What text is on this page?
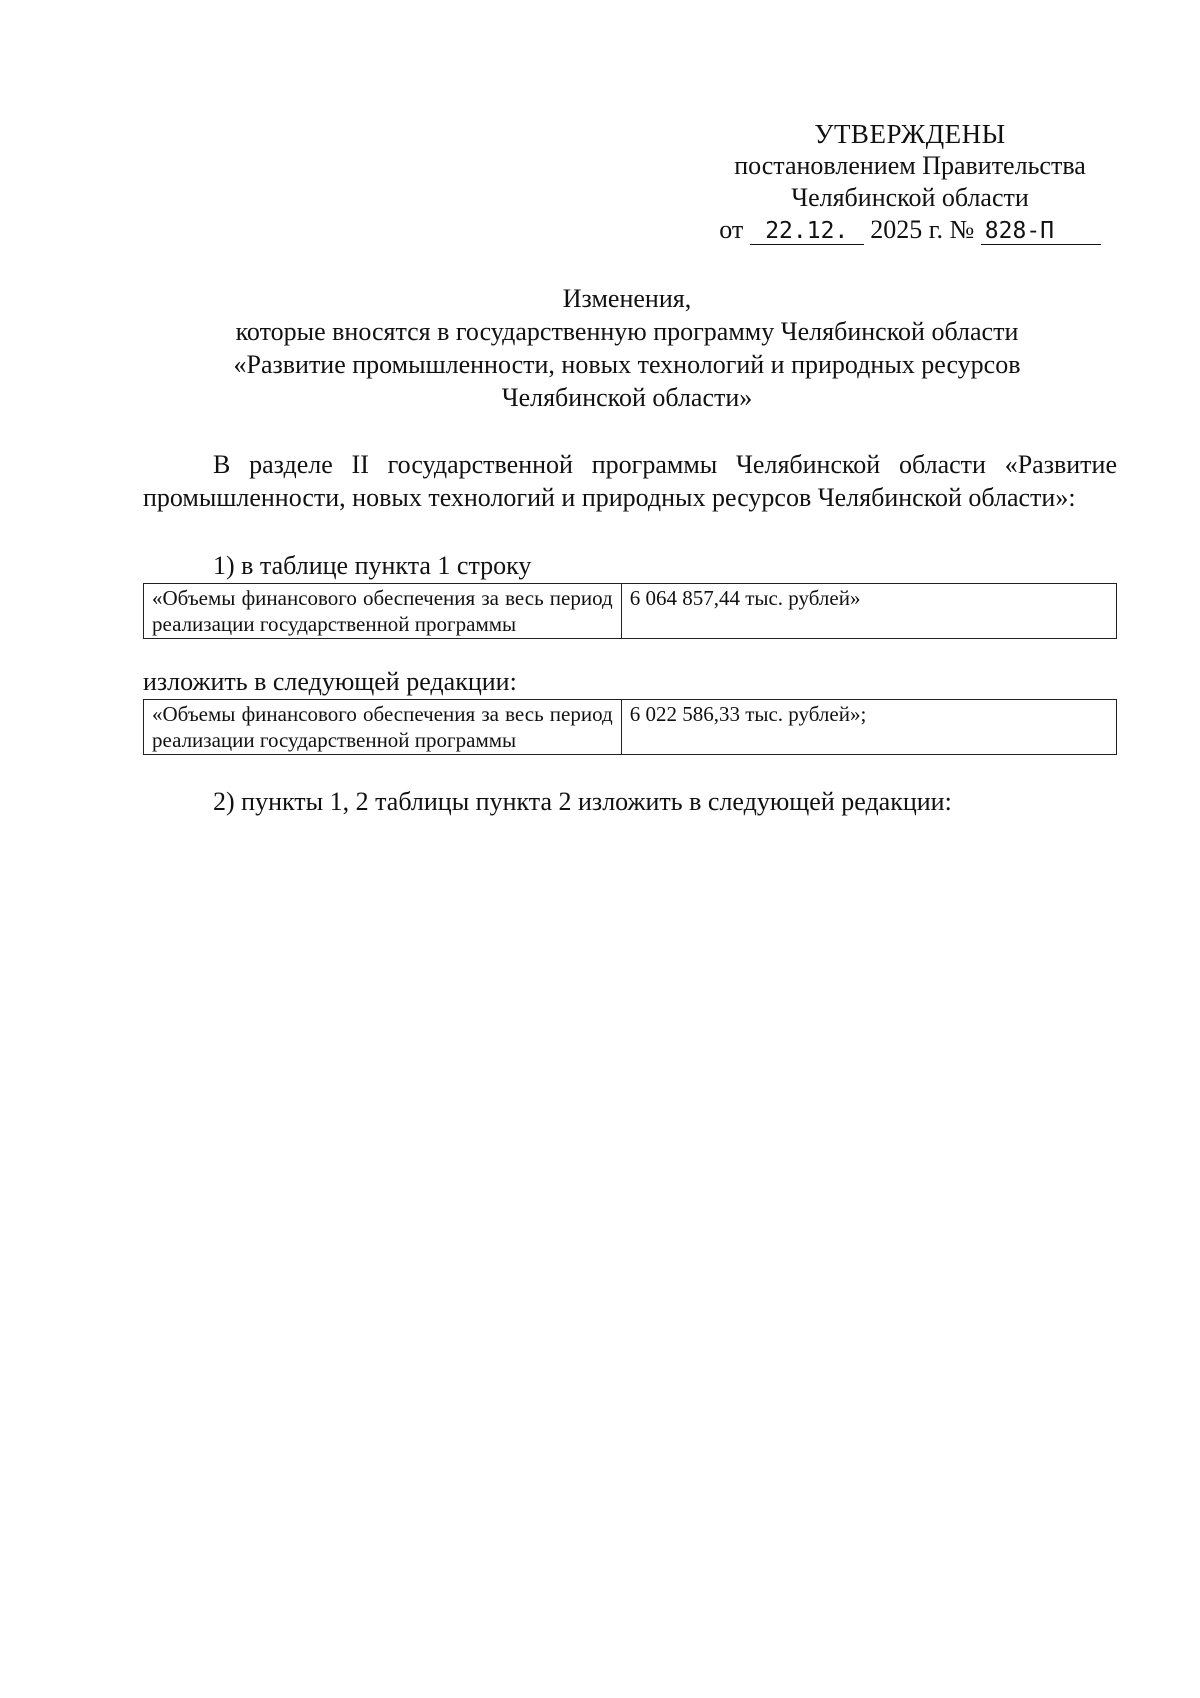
УТВЕРЖДЕНЫ
постановлением Правительства
Челябинской области
от 22.12. 2025 г. № 828-П
Изменения,
которые вносятся в государственную программу Челябинской области
«Развитие промышленности, новых технологий и природных ресурсов
Челябинской области»
В разделе II государственной программы Челябинской области «Развитие промышленности, новых технологий и природных ресурсов Челябинской области»:
1) в таблице пункта 1 строку
«Объемы финансового обеспечения за весь период реализации государственной программы	6 064 857,44 тыс. рублей»
изложить в следующей редакции:
«Объемы финансового обеспечения за весь период реализации государственной программы	6 022 586,33 тыс. рублей»;
2) пункты 1, 2 таблицы пункта 2 изложить в следующей редакции:
